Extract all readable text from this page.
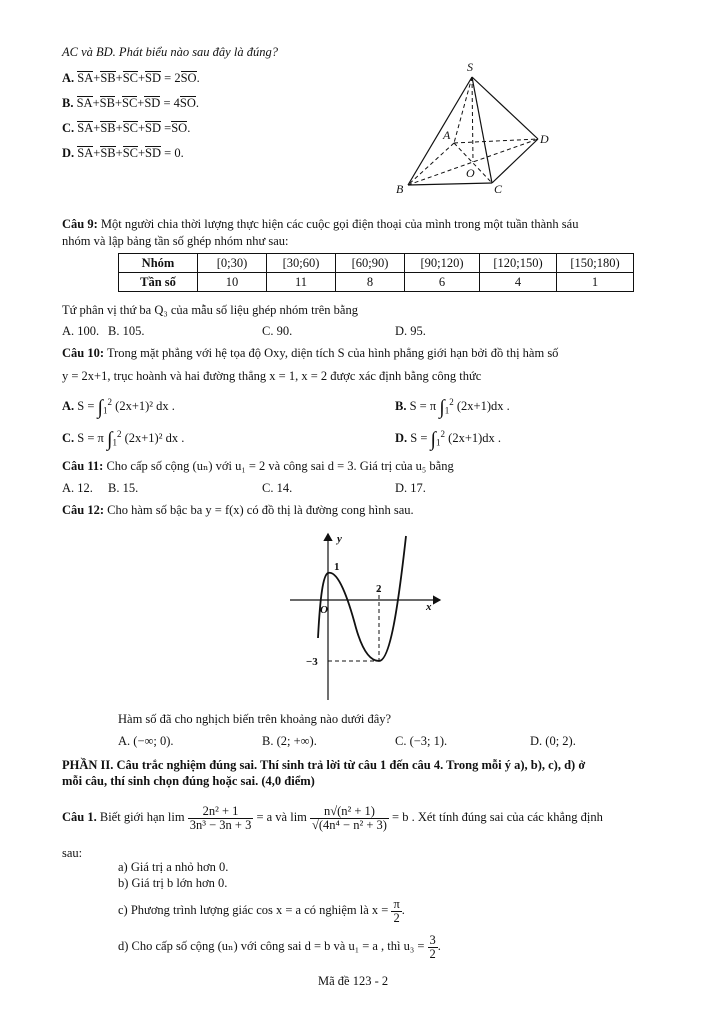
AC và BD. Phát biểu nào sau đây là đúng?
A. SA+SB+SC+SD = 2SO.
B. SA+SB+SC+SD = 4SO.
C. SA+SB+SC+SD =SO.
D. SA+SB+SC+SD = 0.
S
A	D
O
B	C
Câu 9: Một người chia thời lượng thực hiện các cuộc gọi điện thoại của mình trong một tuần thành sáu
nhóm và lập bảng tần số ghép nhóm như sau:
Nhóm	[0;30)	[30;60)	[60;90)	[90;120)	[120;150)	[150;180)
Tần số	10	11	8	6	4	1
Tứ phân vị thứ ba Q₃ của mẫu số liệu ghép nhóm trên bằng
A. 100. B. 105.	C. 90.	D. 95.
Câu 10: Trong mặt phẳng với hệ tọa độ Oxy, diện tích S của hình phẳng giới hạn bởi đồ thị hàm số
y = 2x+1, trục hoành và hai đường thẳng x = 1, x = 2 được xác định bằng công thức
A. $S = \int_1^2$ (2x+1)² dx .	B. S = π $\int_1^2$ (2x+1)dx .
C. S = π $\int_1^2$ (2x+1)² dx .	D. $S = \int_1^2$ (2x+1)dx .
Câu 11: Cho cấp số cộng (uₙ) với u₁ = 2 và công sai d = 3. Giá trị của u₅ bằng
A. 12. B. 15.	C. 14.	D. 17.
Câu 12: Cho hàm số bậc ba y = f(x) có đồ thị là đường cong hình sau.
y
x
O
1
2
−3
Hàm số đã cho nghịch biến trên khoảng nào dưới đây?
A. (−∞; 0).	B. (2; +∞).	C. (−3; 1).	D. (0; 2).
PHẦN II. Câu trắc nghiệm đúng sai. Thí sinh trả lời từ câu 1 đến câu 4. Trong mỗi ý a), b), c), d) ở
mỗi câu, thí sinh chọn đúng hoặc sai. (4,0 điểm)
Câu 1. Biết giới hạn $\lim \frac{\text{2n² + 1}}{\text{3n³ − 3n + 3}} = a$ và $\lim \frac{\text{n√(n² + 1)}}{\text{√(4n⁴ − n² + 3)}} = b$ . Xét tính đúng sai của các khẳng định
sau:
a) Giá trị a nhỏ hơn 0.
b) Giá trị b lớn hơn 0.
c) Phương trình lượng giác cos x = a có nghiệm là $x = \frac{\pi}{2}$ .
d) Cho cấp số cộng (uₙ) với công sai d = b và u₁ = a , thì $u_3 = \frac{3}{2}$ .
Mã đề 123 - 2
